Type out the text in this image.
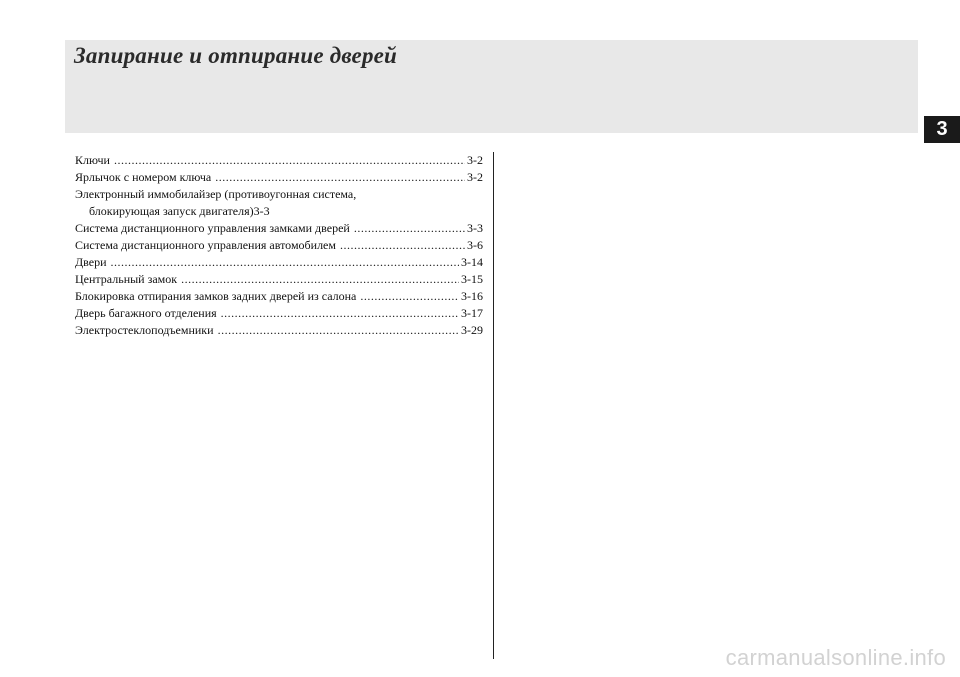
Запирание и отпирание дверей
3
Ключи .....	3-2
Ярлычок с номером ключа .....	3-2
Электронный иммобилайзер (противоугонная система,
блокирующая запуск двигателя) 3-3
Система дистанционного управления замками дверей .....	3-3
Система дистанционного управления автомобилем .....	3-6
Двери .....	3-14
Центральный замок .....	3-15
Блокировка отпирания замков задних дверей из салона .....	3-16
Дверь багажного отделения .....	3-17
Электростеклоподъемники .....	3-29
carmanualsonline.info
